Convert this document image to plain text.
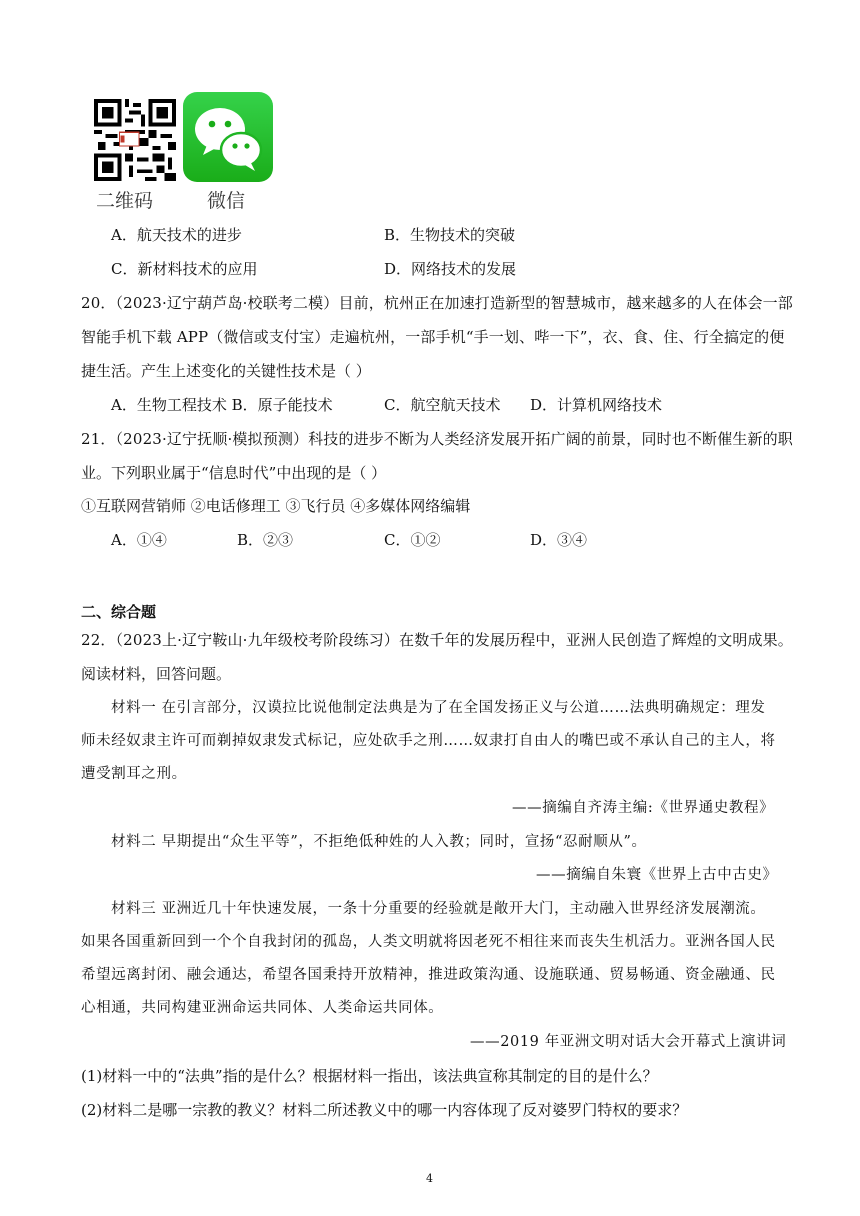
二维码	微信
A．航天技术的进步	B．生物技术的突破
C．新材料技术的应用	D．网络技术的发展
20．（2023·辽宁葫芦岛·校联考二模）目前，杭州正在加速打造新型的智慧城市，越来越多的人在体会一部
智能手机下载 APP（微信或支付宝）走遍杭州，一部手机“手一划、哔一下”，衣、食、住、行全搞定的便
捷生活。产生上述变化的关键性技术是（ ）
A．生物工程技术 B．原子能技术	C．航空航天技术 D．计算机网络技术
21．（2023·辽宁抚顺·模拟预测）科技的进步不断为人类经济发展开拓广阔的前景，同时也不断催生新的职
业。下列职业属于“信息时代”中出现的是（ ）
①互联网营销师 ②电话修理工 ③飞行员 ④多媒体网络编辑
A．①④	B．②③	C．①②	D．③④
二、综合题
22．（2023上·辽宁鞍山·九年级校考阶段练习）在数千年的发展历程中，亚洲人民创造了辉煌的文明成果。
阅读材料，回答问题。
材料一 在引言部分，汉谟拉比说他制定法典是为了在全国发扬正义与公道……法典明确规定：理发
师未经奴隶主许可而剃掉奴隶发式标记，应处砍手之刑……奴隶打自由人的嘴巴或不承认自己的主人，将
遭受割耳之刑。
——摘编自齐涛主编:《世界通史教程》
材料二 早期提出“众生平等”，不拒绝低种姓的人入教；同时，宣扬“忍耐顺从”。
——摘编自朱寰《世界上古中古史》
材料三 亚洲近几十年快速发展，一条十分重要的经验就是敞开大门，主动融入世界经济发展潮流。
如果各国重新回到一个个自我封闭的孤岛，人类文明就将因老死不相往来而丧失生机活力。亚洲各国人民
希望远离封闭、融会通达，希望各国秉持开放精神，推进政策沟通、设施联通、贸易畅通、资金融通、民
心相通，共同构建亚洲命运共同体、人类命运共同体。
——2019 年亚洲文明对话大会开幕式上演讲词
(1)材料一中的“法典”指的是什么？根据材料一指出，该法典宣称其制定的目的是什么？
(2)材料二是哪一宗教的教义？材料二所述教义中的哪一内容体现了反对婆罗门特权的要求？
4
